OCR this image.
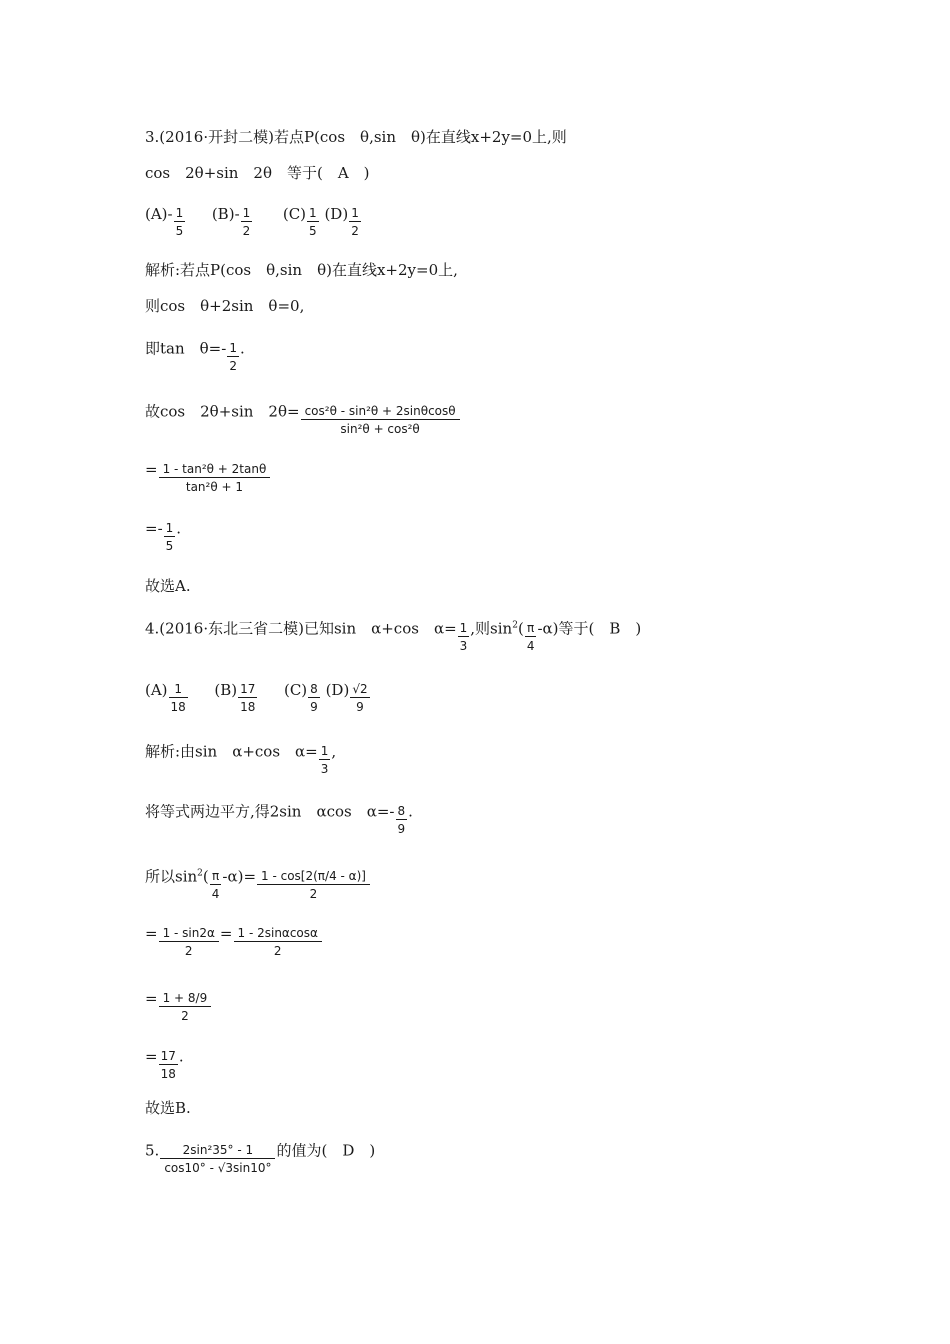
3.(2016·开封二模)若点P(cos　θ,sin　θ)在直线x+2y=0上,则
cos　2θ+sin　2θ　等于(　A　)
$(A)- \frac{1}{5} (B)- \frac{1}{2} (C) \frac{1}{5} (D) \frac{1}{2}$
解析:若点P(cos　θ,sin　θ)在直线x+2y=0上,
则cos　θ+2sin　θ=0,
即tan　$\theta=- \frac{1}{2}$ .
故cos　2θ+sin　$2\theta= \frac{\text{cos²θ - sin²θ + 2sinθcosθ}}{\text{sin²θ + cos²θ}}$
= $\frac{\text{1 - tan²θ + 2tanθ}}{\text{tan²θ + 1}}$
=- $\frac{1}{5}$ .
故选A.
4.(2016·东北三省二模)已知sin　α+cos　$\alpha= \frac{1}{3}$ ,则$\sin^2( \frac{\pi}{4} -\alpha)$等于(　B　)
$(A) \frac{1}{18} (B) \frac{17}{18} (C) \frac{8}{9} (D) \frac{√2}{9}$
解析:由sin　α+cos　$\alpha= \frac{1}{3}$ ,
将等式两边平方,得2sin　αcos　$\alpha=- \frac{8}{9}$ .
所以$\sin^2( \frac{\pi}{4} -\alpha)= \frac{1 - \cos[2(\pi/4 - \alpha)]}{2}$
= $\frac{1 - \sin 2\alpha}{2} = \frac{1 - 2\sin\alpha\cos\alpha}{2}$
= $\frac{1 + 8/9}{2}$
= $\frac{17}{18}$ .
故选B.
5. $\frac{\text{2sin²35° - 1}}{\cos 10^\circ - √3\sin 10^\circ}$ 的值为(　D　)
